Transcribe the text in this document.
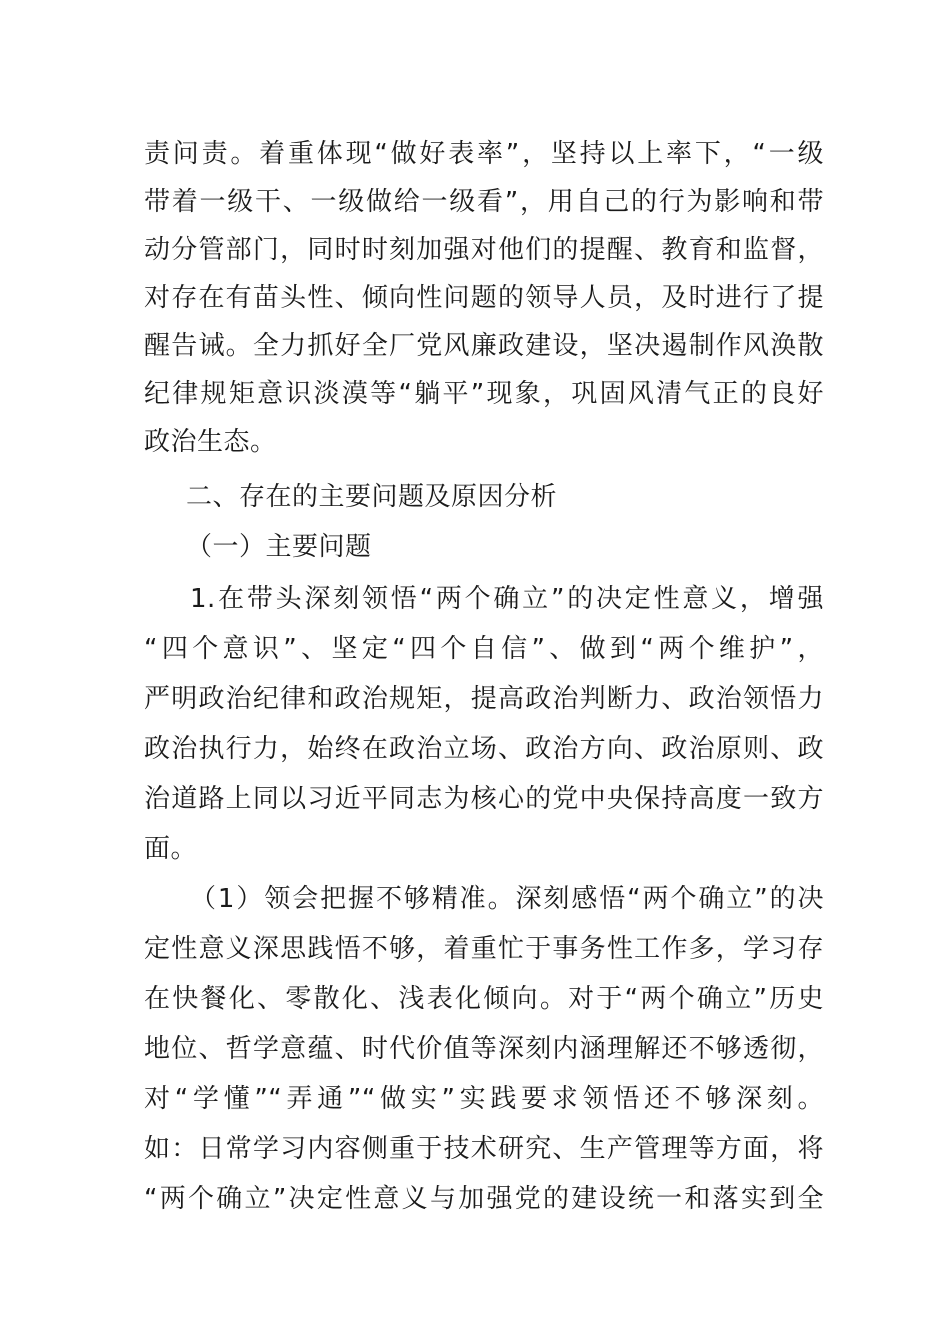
责问责。着重体现“做好表率”，坚持以上率下，“一级
带着一级干、一级做给一级看”，用自己的行为影响和带
动分管部门，同时时刻加强对他们的提醒、教育和监督，
对存在有苗头性、倾向性问题的领导人员，及时进行了提
醒告诫。全力抓好全厂党风廉政建设，坚决遏制作风涣散
纪律规矩意识淡漠等“躺平”现象，巩固风清气正的良好
政治生态。
二、存在的主要问题及原因分析
（一）主要问题
1.在带头深刻领悟“两个确立”的决定性意义，增强
“四个意识”、坚定“四个自信”、做到“两个维护”，
严明政治纪律和政治规矩，提高政治判断力、政治领悟力
政治执行力，始终在政治立场、政治方向、政治原则、政
治道路上同以习近平同志为核心的党中央保持高度一致方
面。
（1）领会把握不够精准。深刻感悟“两个确立”的决
定性意义深思践悟不够，着重忙于事务性工作多，学习存
在快餐化、零散化、浅表化倾向。对于“两个确立”历史
地位、哲学意蕴、时代价值等深刻内涵理解还不够透彻，
对“学懂”“弄通”“做实”实践要求领悟还不够深刻。
如：日常学习内容侧重于技术研究、生产管理等方面，将
“两个确立”决定性意义与加强党的建设统一和落实到全
